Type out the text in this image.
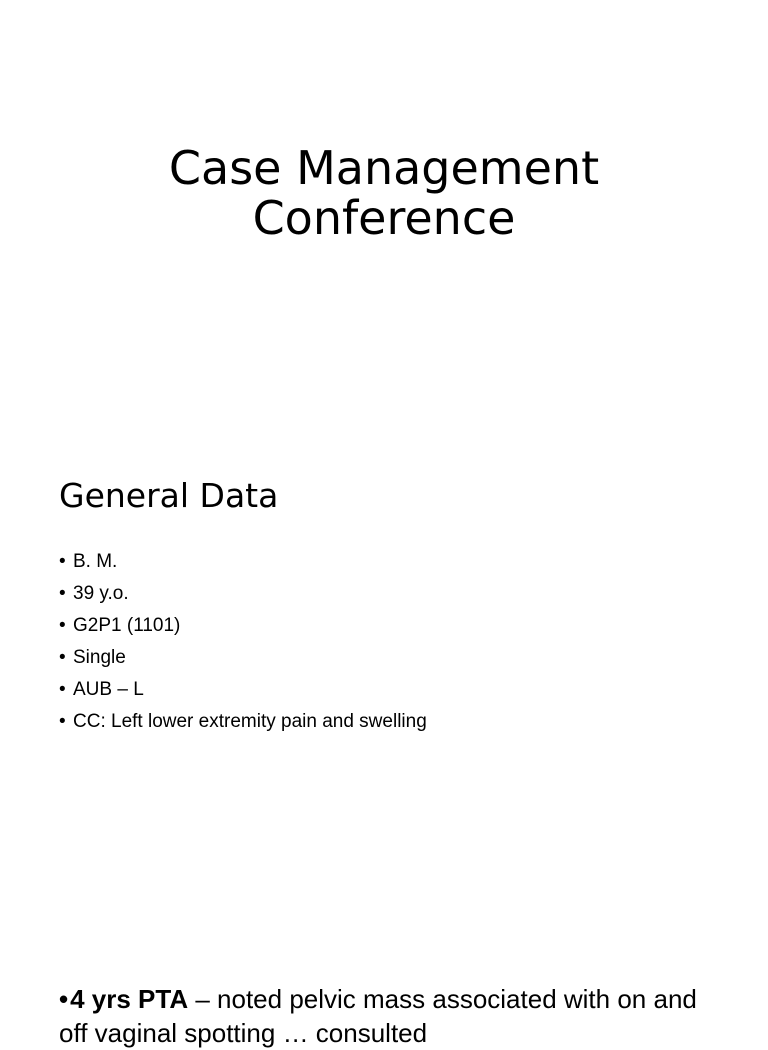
Case Management
Conference
General Data
• B. M.
• 39 y.o.
• G2P1 (1101)
• Single
• AUB – L
• CC: Left lower extremity pain and swelling

•4 yrs PTA – noted pelvic mass associated with on and off vaginal spotting … consulted
